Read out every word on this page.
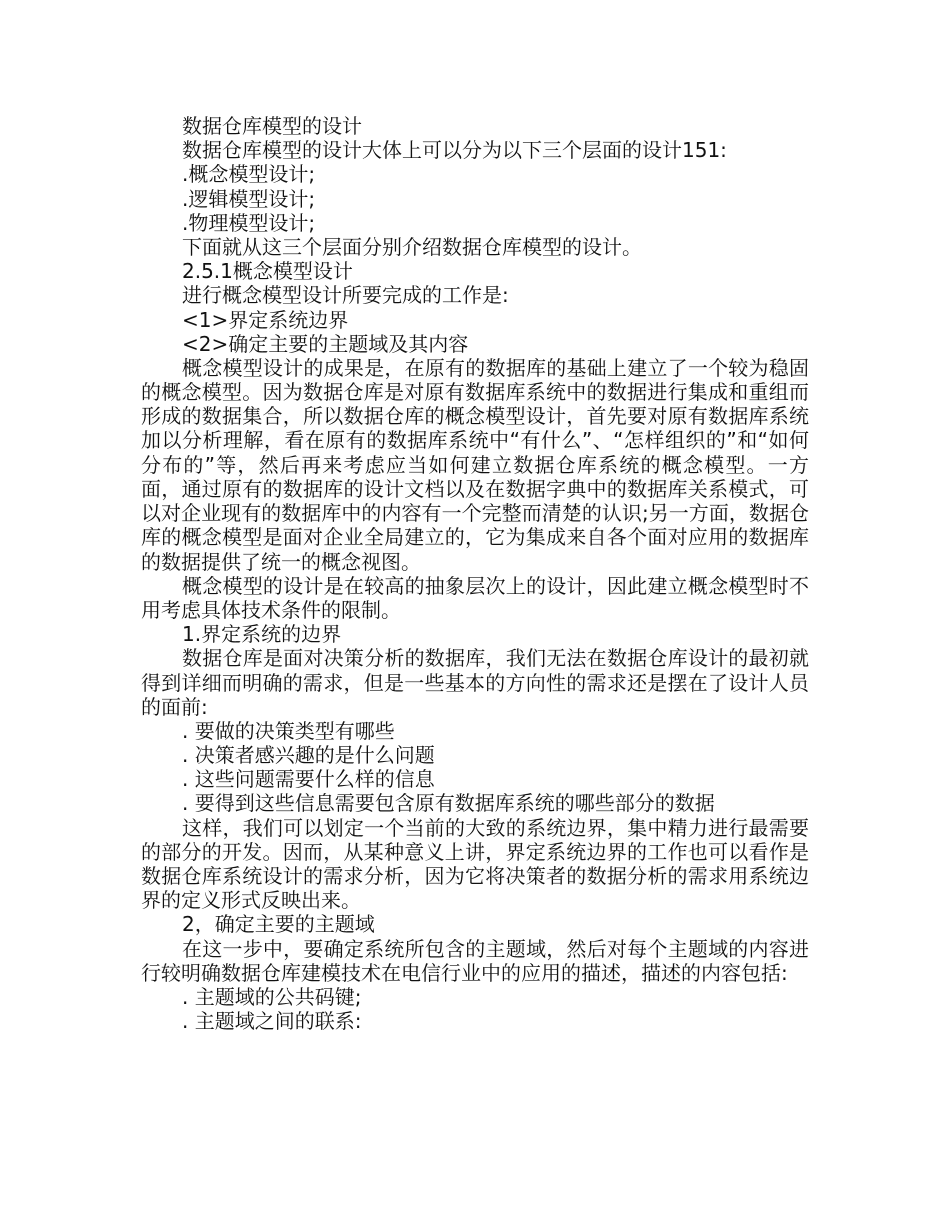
数据仓库模型的设计

数据仓库模型的设计大体上可以分为以下三个层面的设计151:

.概念模型设计;

.逻辑模型设计;

.物理模型设计;

下面就从这三个层面分别介绍数据仓库模型的设计。

2.5.1概念模型设计

进行概念模型设计所要完成的工作是:

<1>界定系统边界

<2>确定主要的主题域及其内容

概念模型设计的成果是，在原有的数据库的基础上建立了一个较为稳固的概念模型。因为数据仓库是对原有数据库系统中的数据进行集成和重组而形成的数据集合，所以数据仓库的概念模型设计，首先要对原有数据库系统加以分析理解，看在原有的数据库系统中“有什么”、“怎样组织的”和“如何分布的”等，然后再来考虑应当如何建立数据仓库系统的概念模型。一方面，通过原有的数据库的设计文档以及在数据字典中的数据库关系模式，可以对企业现有的数据库中的内容有一个完整而清楚的认识;另一方面，数据仓库的概念模型是面对企业全局建立的，它为集成来自各个面对应用的数据库的数据提供了统一的概念视图。

概念模型的设计是在较高的抽象层次上的设计，因此建立概念模型时不用考虑具体技术条件的限制。

1.界定系统的边界

数据仓库是面对决策分析的数据库，我们无法在数据仓库设计的最初就得到详细而明确的需求，但是一些基本的方向性的需求还是摆在了设计人员的面前:

. 要做的决策类型有哪些

. 决策者感兴趣的是什么问题

. 这些问题需要什么样的信息

. 要得到这些信息需要包含原有数据库系统的哪些部分的数据

这样，我们可以划定一个当前的大致的系统边界，集中精力进行最需要的部分的开发。因而，从某种意义上讲，界定系统边界的工作也可以看作是数据仓库系统设计的需求分析，因为它将决策者的数据分析的需求用系统边界的定义形式反映出来。

2，确定主要的主题域

在这一步中，要确定系统所包含的主题域，然后对每个主题域的内容进行较明确数据仓库建模技术在电信行业中的应用的描述，描述的内容包括:

. 主题域的公共码键;

. 主题域之间的联系:
